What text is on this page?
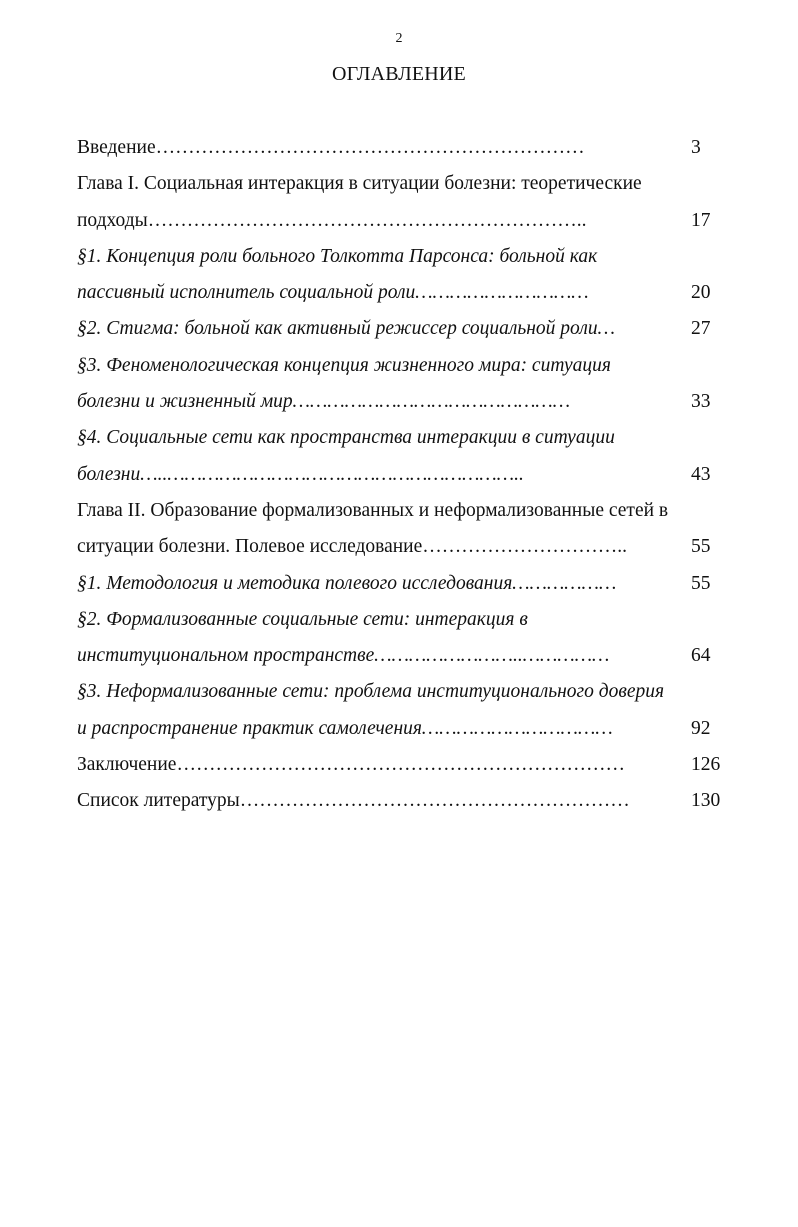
2
ОГЛАВЛЕНИЕ
Введение…………………………………………………………	3
Глава I. Социальная интеракция в ситуации болезни: теоретические
подходы…………………………………………………………..	17
§1. Концепция роли больного Толкотта Парсонса: больной как
пассивный исполнитель социальной роли…………………………	20
§2. Стигма: больной как активный режиссер социальной роли…	27
§3. Феноменологическая концепция жизненного мира: ситуация
болезни и жизненный мир…………………………………………	33
§4. Социальные сети как пространства интеракции в ситуации
болезни…..……………………………………………………..	43
Глава II. Образование формализованных и неформализованные сетей в
ситуации болезни. Полевое исследование…………………………..	55
§1. Методология и методика полевого исследования………………	55
§2. Формализованные социальные сети: интеракция в
институциональном пространстве……………………..……………	64
§3. Неформализованные сети: проблема институционального доверия
и распространение практик самолечения……………………………	92
Заключение……………………………………………………………	126
Список литературы……………………………………………………	130
